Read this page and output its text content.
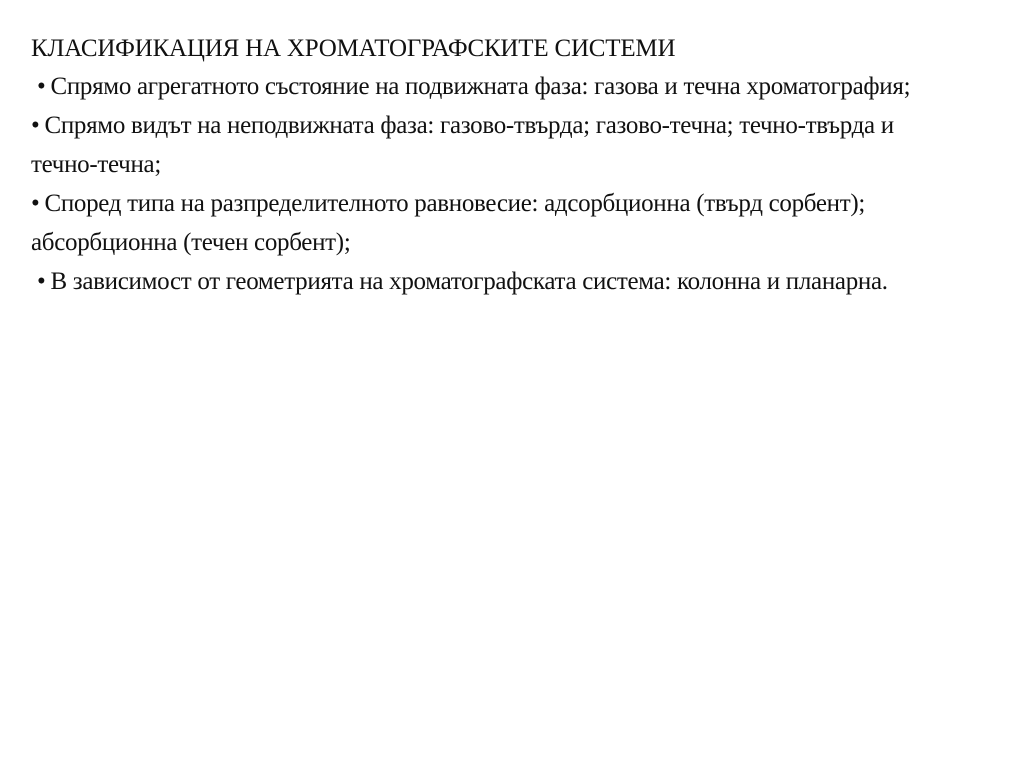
КЛАСИФИКАЦИЯ НА ХРОМАТОГРАФСКИТЕ СИСТЕМИ

• Спрямо агрегатното състояние на подвижната фаза: газова и течна хроматография;

• Спрямо видът на неподвижната фаза: газово-твърда; газово-течна; течно-твърда и течно-течна;

• Според типа на разпределителното равновесие: адсорбционна (твърд сорбент); абсорбционна (течен сорбент);

• В зависимост от геометрията на хроматографската система: колонна и планарна.
